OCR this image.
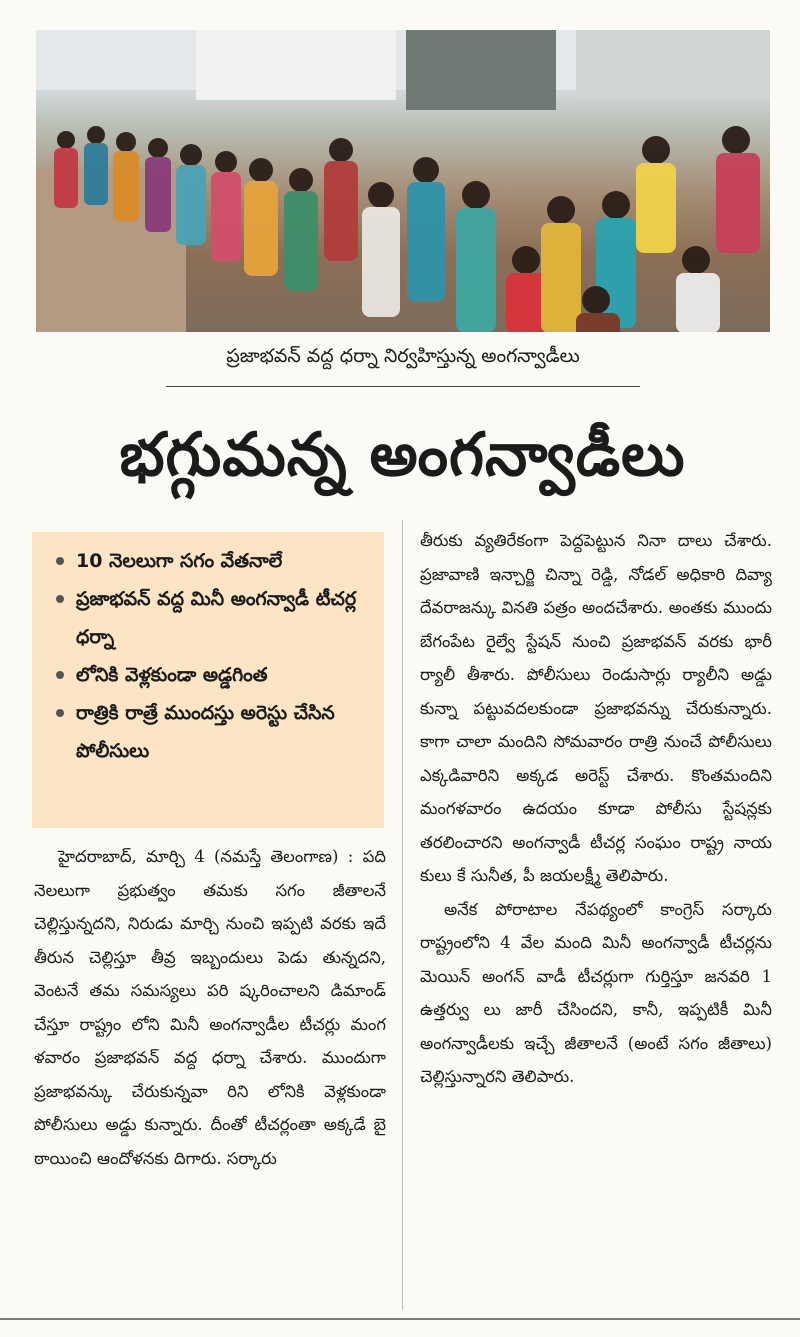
ప్రజాభవన్ వద్ద ధర్నా నిర్వహిస్తున్న అంగన్వాడీలు
భగ్గుమన్న అంగన్వాడీలు
10 నెలలుగా సగం వేతనాలే
ప్రజాభవన్ వద్ద మినీ అంగన్వాడీ టీచర్ల ధర్నా
లోనికి వెళ్లకుండా అడ్డగింత
రాత్రికి రాత్రే ముందస్తు అరెస్టు చేసిన పోలీసులు

హైదరాబాద్, మార్చి 4 (నమస్తే తెలంగాణ) : పది నెలలుగా ప్రభుత్వం తమకు సగం జీతాలనే చెల్లిస్తున్నదని, నిరుడు మార్చి నుంచి ఇప్పటి వరకు ఇదే తీరున చెల్లిస్తూ తీవ్ర ఇబ్బందులు పెడు తున్నదని, వెంటనే తమ సమస్యలు పరి ష్కరించాలని డిమాండ్ చేస్తూ రాష్ట్రం లోని మినీ అంగన్వాడీల టీచర్లు మంగ ళవారం ప్రజాభవన్ వద్ద ధర్నా చేశారు. ముందుగా ప్రజాభవన్కు చేరుకున్నవా రిని లోనికి వెళ్లకుండా పోలీసులు అడ్డు కున్నారు. దీంతో టీచర్లంతా అక్కడే బై ఠాయించి ఆందోళనకు దిగారు. సర్కారు

తీరుకు వ్యతిరేకంగా పెద్దపెట్టున నినా దాలు చేశారు. ప్రజావాణి ఇన్చార్జి చిన్నా రెడ్డి, నోడల్ అధికారి దివ్యా దేవరాజన్కు వినతి పత్రం అందచేశారు. అంతకు ముందు బేగంపేట రైల్వే స్టేషన్ నుంచి ప్రజాభవన్ వరకు భారీ ర్యాలీ తీశారు. పోలీసులు రెండుసార్లు ర్యాలీని అడ్డు కున్నా పట్టువదలకుండా ప్రజాభవన్ను చేరుకున్నారు. కాగా చాలా మందిని సోమవారం రాత్రి నుంచే పోలీసులు ఎక్కడివారిని అక్కడ అరెస్ట్ చేశారు. కొంతమందిని మంగళవారం ఉదయం కూడా పోలీసు స్టేషన్లకు తరలించారని అంగన్వాడీ టీచర్ల సంఘం రాష్ట్ర నాయ కులు కే సునీత, పీ జయలక్ష్మీ తెలిపారు.

అనేక పోరాటాల నేపథ్యంలో కాంగ్రెస్ సర్కారు రాష్ట్రంలోని 4 వేల మంది మినీ అంగన్వాడీ టీచర్లను మెయిన్ అంగన్ వాడీ టీచర్లుగా గుర్తిస్తూ జనవరి 1 ఉత్తర్వు లు జారీ చేసిందని, కానీ, ఇప్పటికీ మినీ అంగన్వాడీలకు ఇచ్చే జీతాలనే (అంటే సగం జీతాలు) చెల్లిస్తున్నారని తెలిపారు.
